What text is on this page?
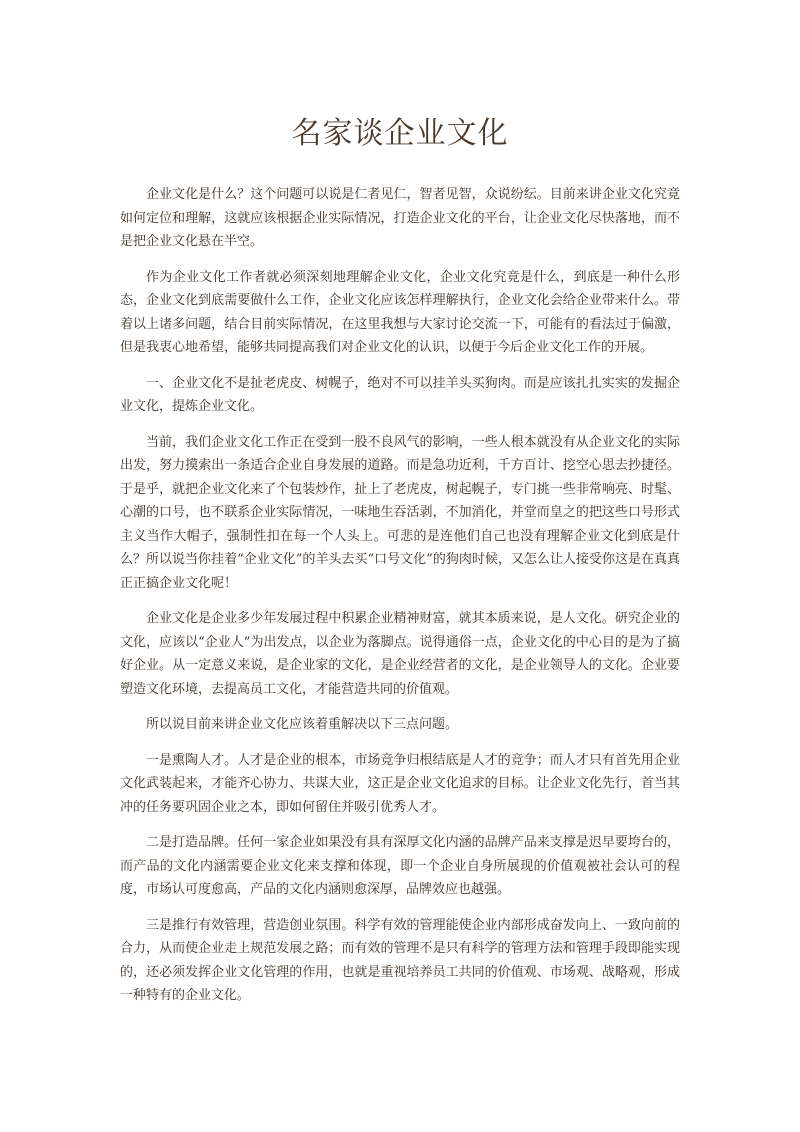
名家谈企业文化

企业文化是什么？这个问题可以说是仁者见仁，智者见智，众说纷纭。目前来讲企业文化究竟如何定位和理解，这就应该根据企业实际情况，打造企业文化的平台，让企业文化尽快落地，而不是把企业文化悬在半空。

作为企业文化工作者就必须深刻地理解企业文化，企业文化究竟是什么，到底是一种什么形态，企业文化到底需要做什么工作，企业文化应该怎样理解执行，企业文化会给企业带来什么。带着以上诸多问题，结合目前实际情况，在这里我想与大家讨论交流一下，可能有的看法过于偏激，但是我衷心地希望，能够共同提高我们对企业文化的认识，以便于今后企业文化工作的开展。

一、企业文化不是扯老虎皮、树幌子，绝对不可以挂羊头买狗肉。而是应该扎扎实实的发掘企业文化，提炼企业文化。

当前，我们企业文化工作正在受到一股不良风气的影响，一些人根本就没有从企业文化的实际出发，努力摸索出一条适合企业自身发展的道路。而是急功近利，千方百计、挖空心思去抄捷径。于是乎，就把企业文化来了个包装炒作，扯上了老虎皮，树起幌子，专门挑一些非常响亮、时髦、心潮的口号，也不联系企业实际情况，一味地生吞活剥，不加消化，并堂而皇之的把这些口号形式主义当作大帽子，强制性扣在每一个人头上。可悲的是连他们自己也没有理解企业文化到底是什么？所以说当你挂着“企业文化”的羊头去买“口号文化”的狗肉时候，又怎么让人接受你这是在真真正正搞企业文化呢！

企业文化是企业多少年发展过程中积累企业精神财富，就其本质来说，是人文化。研究企业的文化，应该以“企业人”为出发点，以企业为落脚点。说得通俗一点，企业文化的中心目的是为了搞好企业。从一定意义来说，是企业家的文化，是企业经营者的文化，是企业领导人的文化。企业要塑造文化环境，去提高员工文化，才能营造共同的价值观。

所以说目前来讲企业文化应该着重解决以下三点问题。

一是熏陶人才。人才是企业的根本，市场竞争归根结底是人才的竞争；而人才只有首先用企业文化武装起来，才能齐心协力、共谋大业，这正是企业文化追求的目标。让企业文化先行，首当其冲的任务要巩固企业之本，即如何留住并吸引优秀人才。

二是打造品牌。任何一家企业如果没有具有深厚文化内涵的品牌产品来支撑是迟早要垮台的，而产品的文化内涵需要企业文化来支撑和体现，即一个企业自身所展现的价值观被社会认可的程度，市场认可度愈高，产品的文化内涵则愈深厚，品牌效应也越强。

三是推行有效管理，营造创业氛围。科学有效的管理能使企业内部形成奋发向上、一致向前的合力，从而使企业走上规范发展之路；而有效的管理不是只有科学的管理方法和管理手段即能实现的，还必须发挥企业文化管理的作用，也就是重视培养员工共同的价值观、市场观、战略观，形成一种特有的企业文化。
